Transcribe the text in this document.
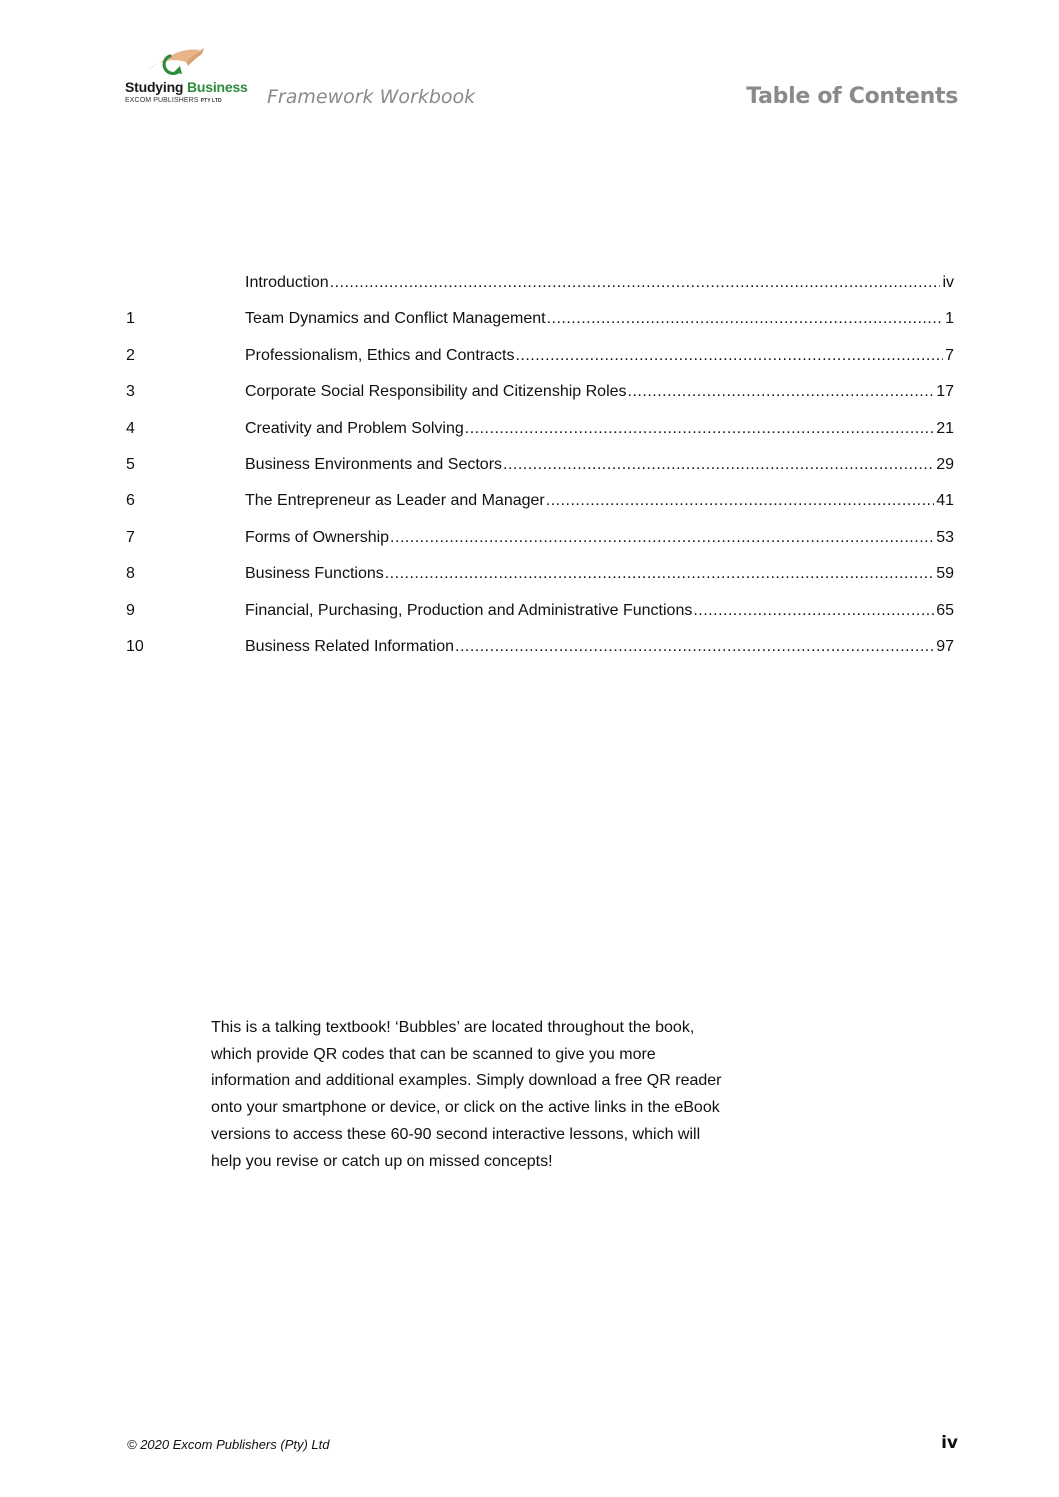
Studying Business
EXCOM PUBLISHERS PTY LTD Framework Workbook	Table of Contents
Introduction .....	iv
1	Team Dynamics and Conflict Management .....	1
2	Professionalism, Ethics and Contracts .....	7
3	Corporate Social Responsibility and Citizenship Roles .....	17
4	Creativity and Problem Solving .....	21
5	Business Environments and Sectors .....	29
6	The Entrepreneur as Leader and Manager .....	41
7	Forms of Ownership .....	53
8	Business Functions .....	59
9	Financial, Purchasing, Production and Administrative Functions .....	65
10	Business Related Information .....	97

This is a talking textbook! ‘Bubbles’ are located throughout the book, which provide QR codes that can be scanned to give you more information and additional examples. Simply download a free QR reader onto your smartphone or device, or click on the active links in the eBook versions to access these 60-90 second interactive lessons, which will help you revise or catch up on missed concepts!

© 2020 Excom Publishers (Pty) Ltd	iv
